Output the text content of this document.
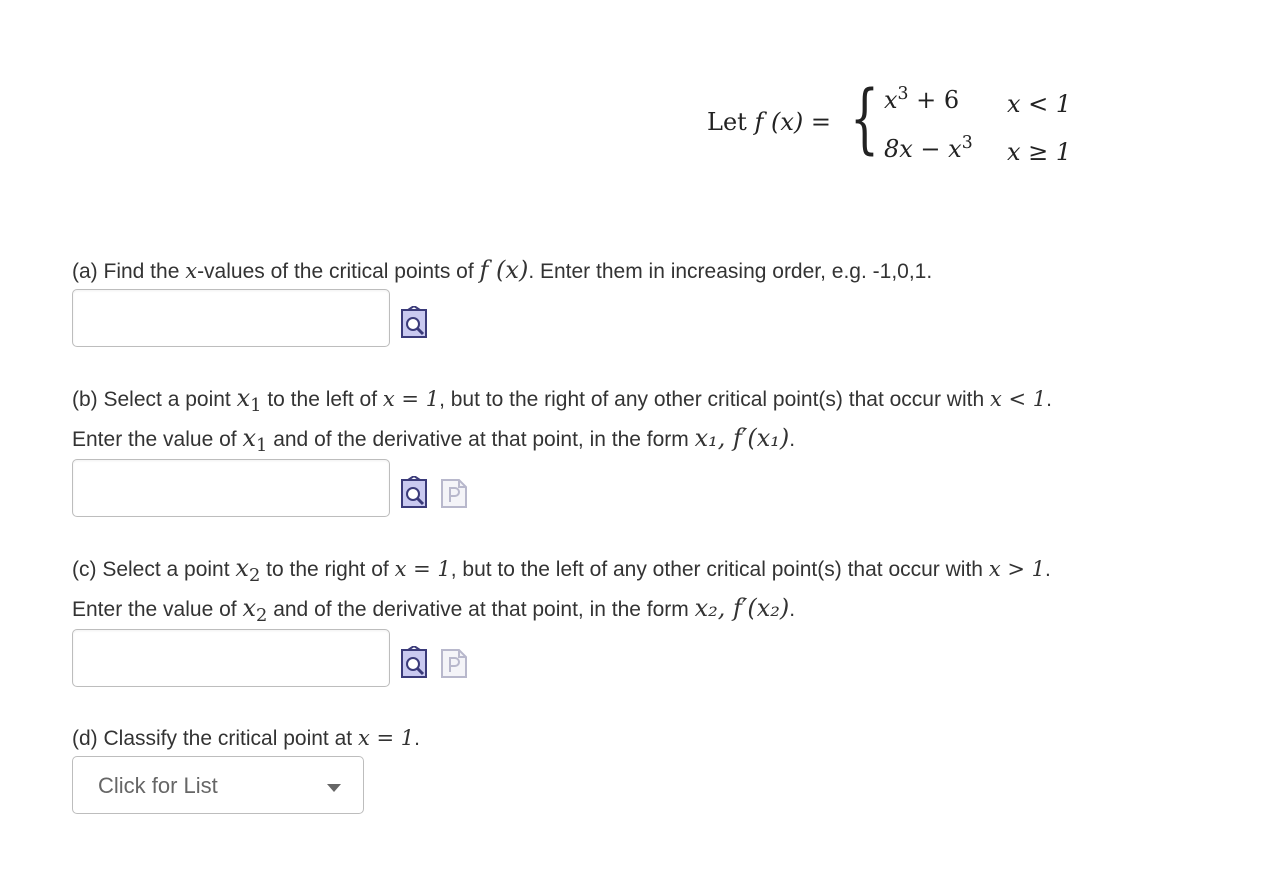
Let f (x) = { $x^3 + 6$ x < 1
$8x - x^3$ x ≥ 1
(a) Find the x-values of the critical points of f (x). Enter them in increasing order, e.g. -1,0,1.
(b) Select a point x1 to the left of x = 1, but to the right of any other critical point(s) that occur with x < 1.
Enter the value of x1 and of the derivative at that point, in the form x₁, f′(x₁).
(c) Select a point x2 to the right of x = 1, but to the left of any other critical point(s) that occur with x > 1.
Enter the value of x2 and of the derivative at that point, in the form x₂, f′(x₂).
(d) Classify the critical point at x = 1.
Click for List
